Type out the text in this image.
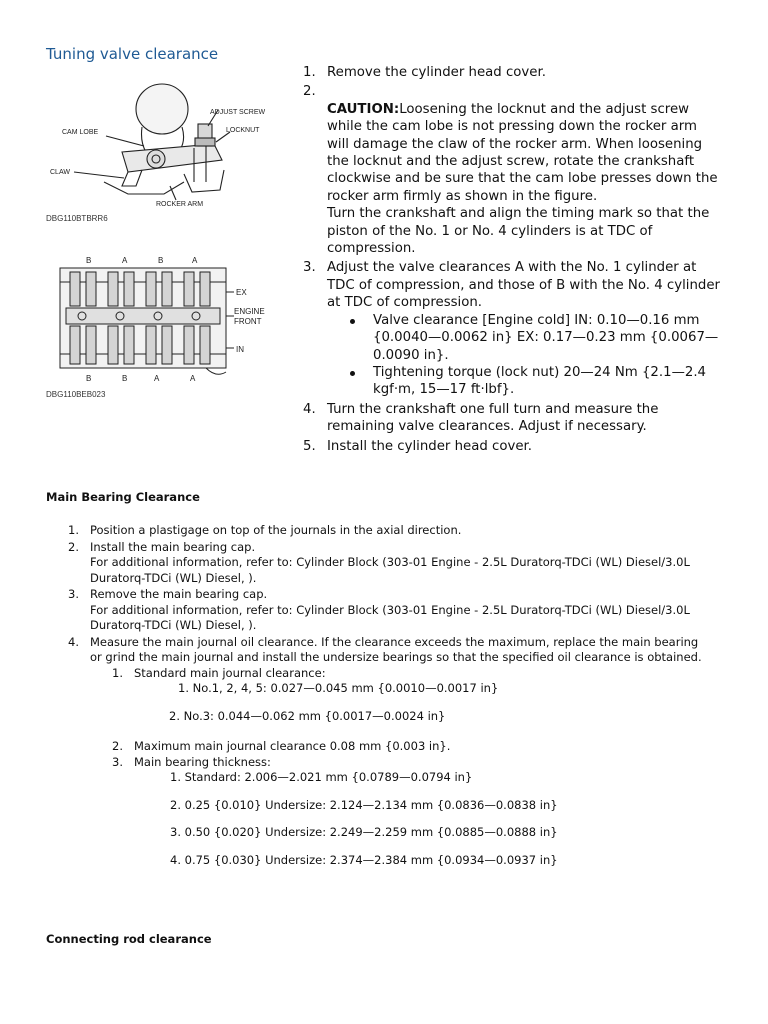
Tuning valve clearance
ADJUST SCREW
CAM LOBE	LOCKNUT
CLAW
ROCKER ARM
DBG110BTBRR6
B	A	B	A
B	B	A	A
EX
ENGINE
FRONT
IN
DBG110BEB023
1. Remove the cylinder head cover.
2.

CAUTION:Loosening the locknut and the adjust screw while the cam lobe is not pressing down the rocker arm will damage the claw of the rocker arm. When loosening the locknut and the adjust screw, rotate the crankshaft clockwise and be sure that the cam lobe presses down the rocker arm firmly as shown in the figure.

Turn the crankshaft and align the timing mark so that the piston of the No. 1 or No. 4 cylinders is at TDC of compression.

3. Adjust the valve clearances A with the No. 1 cylinder at TDC of compression, and those of B with the No. 4 cylinder at TDC of compression.

Valve clearance [Engine cold] IN: 0.10—0.16 mm {0.0040—0.0062 in} EX: 0.17—0.23 mm {0.0067—0.0090 in}.
Tightening torque (lock nut) 20—24 Nm {2.1—2.4 kgf·m, 15—17 ft·lbf}.
4. Turn the crankshaft one full turn and measure the remaining valve clearances. Adjust if necessary.
5. Install the cylinder head cover.
Main Bearing Clearance
1. Position a plastigage on top of the journals in the axial direction.
2. Install the main bearing cap.

For additional information, refer to: Cylinder Block (303-01 Engine - 2.5L Duratorq-TDCi (WL) Diesel/3.0L Duratorq-TDCi (WL) Diesel, ).

3. Remove the main bearing cap.

For additional information, refer to: Cylinder Block (303-01 Engine - 2.5L Duratorq-TDCi (WL) Diesel/3.0L Duratorq-TDCi (WL) Diesel, ).

4. Measure the main journal oil clearance. If the clearance exceeds the maximum, replace the main bearing or grind the main journal and install the undersize bearings so that the specified oil clearance is obtained.

1. Standard main journal clearance:

1. No.1, 2, 4, 5: 0.027—0.045 mm {0.0010—0.0017 in}

2. No.3: 0.044—0.062 mm {0.0017—0.0024 in}

2. Maximum main journal clearance 0.08 mm {0.003 in}.

3. Main bearing thickness:

1. Standard: 2.006—2.021 mm {0.0789—0.0794 in}

2. 0.25 {0.010} Undersize: 2.124—2.134 mm {0.0836—0.0838 in}

3. 0.50 {0.020} Undersize: 2.249—2.259 mm {0.0885—0.0888 in}

4. 0.75 {0.030} Undersize: 2.374—2.384 mm {0.0934—0.0937 in}

Connecting rod clearance
